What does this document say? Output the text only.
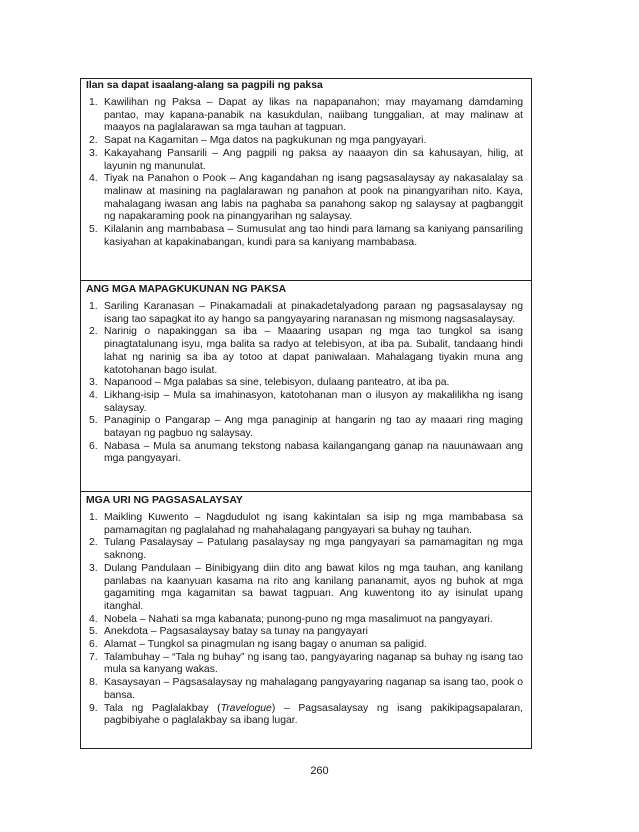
Ilan sa dapat isaalang-alang sa pagpili ng paksa
1. Kawilihan ng Paksa – Dapat ay likas na napapanahon; may mayamang damdaming pantao, may kapana-panabik na kasukdulan, naiibang tunggalian, at may malinaw at maayos na paglalarawan sa mga tauhan at tagpuan.
2. Sapat na Kagamitan – Mga datos na pagkukunan ng mga pangyayari.
3. Kakayahang Pansarili – Ang pagpili ng paksa ay naaayon din sa kahusayan, hilig, at layunin ng manunulat.
4. Tiyak na Panahon o Pook – Ang kagandahan ng isang pagsasalaysay ay nakasalalay sa malinaw at masining na paglalarawan ng panahon at pook na pinangyarihan nito. Kaya, mahalagang iwasan ang labis na paghaba sa panahong sakop ng salaysay at pagbanggit ng napakaraming pook na pinangyarihan ng salaysay.
5. Kilalanin ang mambabasa – Sumusulat ang tao hindi para lamang sa kaniyang pansariling kasiyahan at kapakinabangan, kundi para sa kaniyang mambabasa.
ANG MGA MAPAGKUKUNAN NG PAKSA
1. Sariling Karanasan – Pinakamadali at pinakadetalyadong paraan ng pagsasalaysay ng isang tao sapagkat ito ay hango sa pangyayaring naranasan ng mismong nagsasalaysay.
2. Narinig o napakinggan sa iba – Maaaring usapan ng mga tao tungkol sa isang pinagtatalunang isyu, mga balita sa radyo at telebisyon, at iba pa. Subalit, tandaang hindi lahat ng narinig sa iba ay totoo at dapat paniwalaan. Mahalagang tiyakin muna ang katotohanan bago isulat.
3. Napanood – Mga palabas sa sine, telebisyon, dulaang panteatro, at iba pa.
4. Likhang-isip – Mula sa imahinasyon, katotohanan man o ilusyon ay makalilikha ng isang salaysay.
5. Panaginip o Pangarap – Ang mga panaginip at hangarin ng tao ay maaari ring maging batayan ng pagbuo ng salaysay.
6. Nabasa – Mula sa anumang tekstong nabasa kailangangang ganap na nauunawaan ang mga pangyayari.
MGA URI NG PAGSASALAYSAY
1. Maikling Kuwento – Nagdudulot ng isang kakintalan sa isip ng mga mambabasa sa pamamagitan ng paglalahad ng mahahalagang pangyayari sa buhay ng tauhan.
2. Tulang Pasalaysay – Patulang pasalaysay ng mga pangyayari sa pamamagitan ng mga saknong.
3. Dulang Pandulaan – Binibigyang diin dito ang bawat kilos ng mga tauhan, ang kanilang panlabas na kaanyuan kasama na rito ang kanilang pananamit, ayos ng buhok at mga gagamiting mga kagamitan sa bawat tagpuan. Ang kuwentong ito ay isinulat upang itanghal.
4. Nobela – Nahati sa mga kabanata; punong-puno ng mga masalimuot na pangyayari.
5. Anekdota – Pagsasalaysay batay sa tunay na pangyayari
6. Alamat – Tungkol sa pinagmulan ng isang bagay o anuman sa paligid.
7. Talambuhay – “Tala ng buhay” ng isang tao, pangyayaring naganap sa buhay ng isang tao mula sa kanyang wakas.
8. Kasaysayan – Pagsasalaysay ng mahalagang pangyayaring naganap sa isang tao, pook o bansa.
9. Tala ng Paglalakbay (Travelogue) – Pagsasalaysay ng isang pakikipagsapalaran, pagbibiyahe o paglalakbay sa ibang lugar.
260
